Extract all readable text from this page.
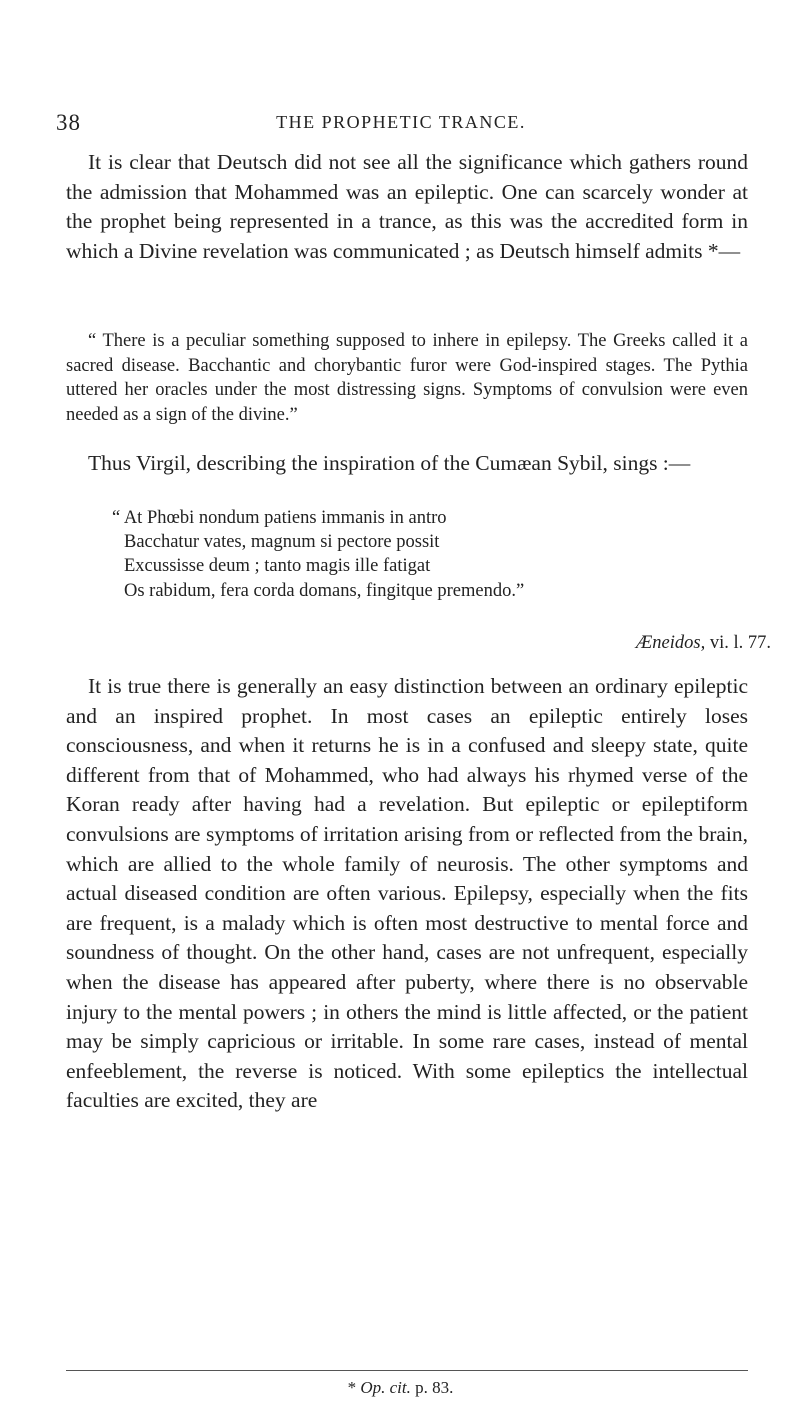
38	THE PROPHETIC TRANCE.

It is clear that Deutsch did not see all the significance which gathers round the admission that Mohammed was an epileptic. One can scarcely wonder at the prophet being represented in a trance, as this was the accredited form in which a Divine revelation was communicated ; as Deutsch himself admits *—

“ There is a peculiar something supposed to inhere in epilepsy. The Greeks called it a sacred disease. Bacchantic and chorybantic furor were God-inspired stages. The Pythia uttered her oracles under the most distressing signs. Symptoms of convulsion were even needed as a sign of the divine.”

Thus Virgil, describing the inspiration of the Cumæan Sybil, sings :—

“ At Phœbi nondum patiens immanis in antro
Bacchatur vates, magnum si pectore possit
Excussisse deum ; tanto magis ille fatigat
Os rabidum, fera corda domans, fingitque premendo.”
Æneidos, vi. l. 77.

It is true there is generally an easy distinction between an ordinary epileptic and an inspired prophet. In most cases an epileptic entirely loses consciousness, and when it returns he is in a confused and sleepy state, quite different from that of Mohammed, who had always his rhymed verse of the Koran ready after having had a revelation. But epileptic or epileptiform convulsions are symptoms of irritation arising from or reflected from the brain, which are allied to the whole family of neurosis. The other symptoms and actual diseased condition are often various. Epilepsy, especially when the fits are frequent, is a malady which is often most destructive to mental force and soundness of thought. On the other hand, cases are not unfrequent, especially when the disease has appeared after puberty, where there is no observable injury to the mental powers ; in others the mind is little affected, or the patient may be simply capricious or irritable. In some rare cases, instead of mental enfeeblement, the reverse is noticed. With some epileptics the intellectual faculties are excited, they are

* Op. cit. p. 83.
